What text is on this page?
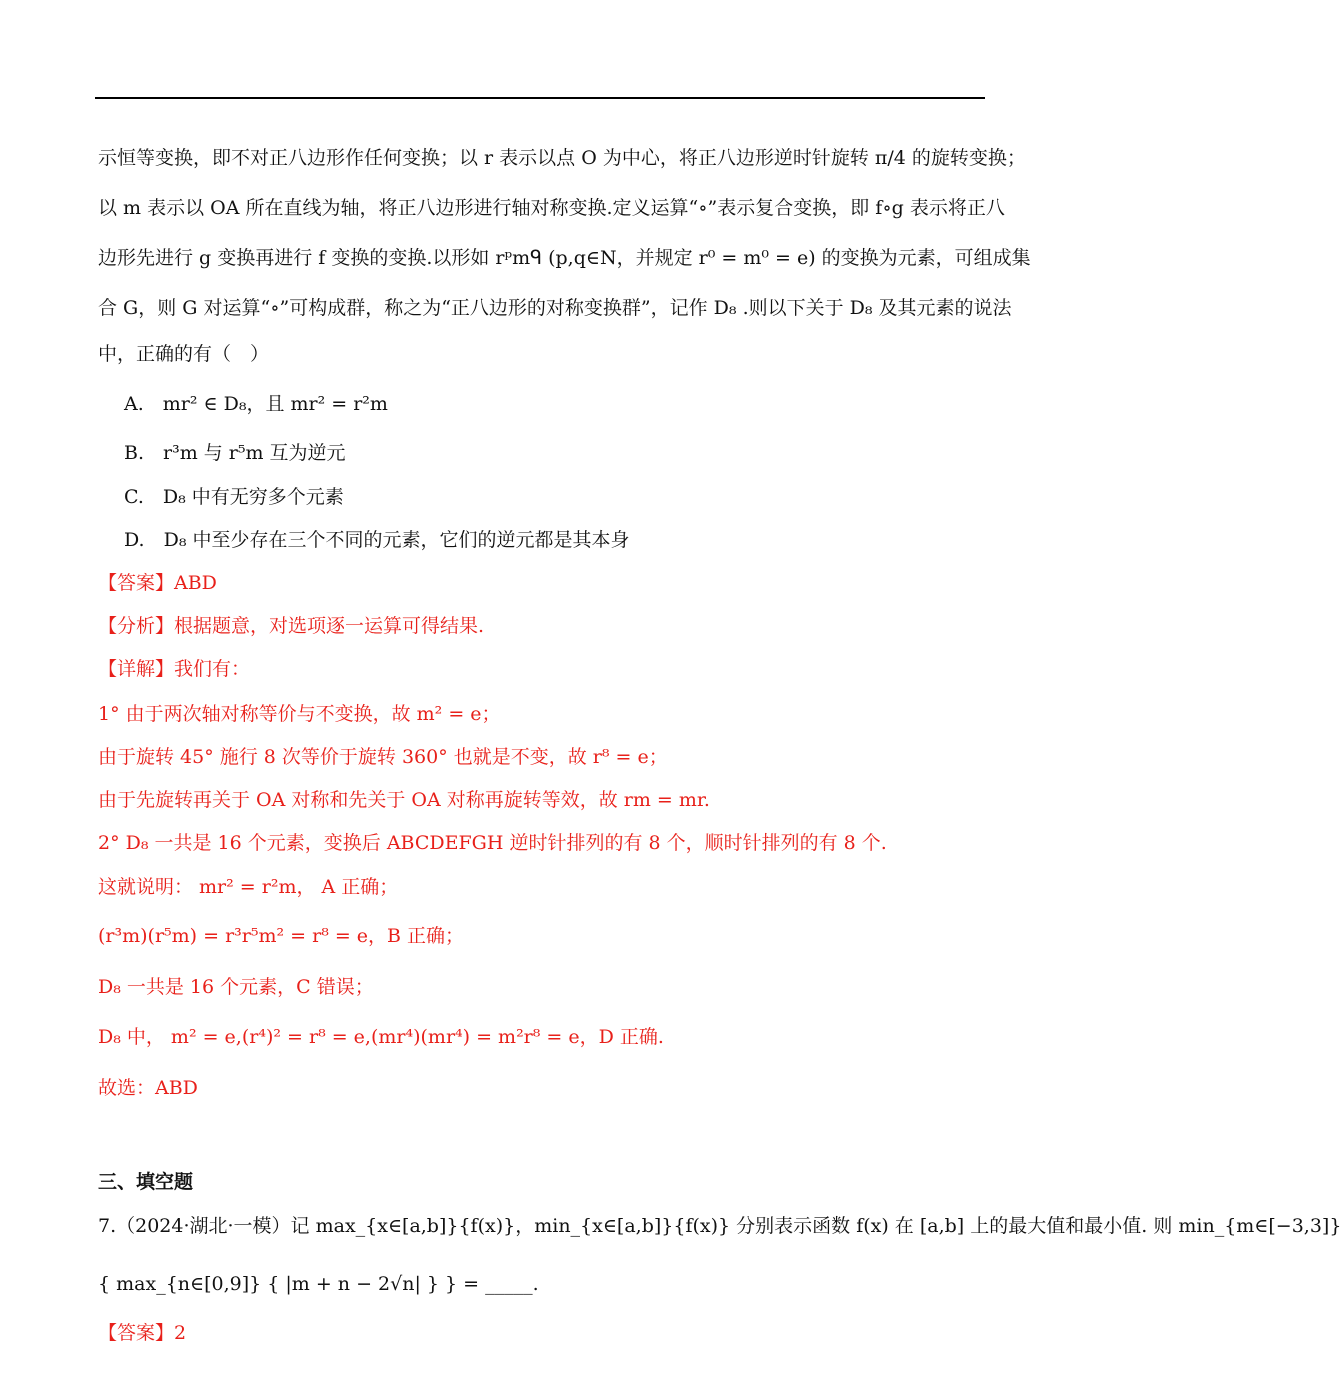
示恒等变换，即不对正八边形作任何变换；以 r 表示以点 O 为中心，将正八边形逆时针旋转 π/4 的旋转变换；
以 m 表示以 OA 所在直线为轴，将正八边形进行轴对称变换.定义运算“∘”表示复合变换，即 f∘g 表示将正八
边形先进行 g 变换再进行 f 变换的变换.以形如 rᵖmᑫ (p,q∈N，并规定 r⁰ = m⁰ = e) 的变换为元素，可组成集
合 G，则 G 对运算“∘”可构成群，称之为“正八边形的对称变换群”，记作 D₈ .则以下关于 D₈ 及其元素的说法
中，正确的有（　）
A.　mr² ∈ D₈，且 mr² = r²m
B.　r³m 与 r⁵m 互为逆元
C.　D₈ 中有无穷多个元素
D.　D₈ 中至少存在三个不同的元素，它们的逆元都是其本身
【答案】ABD
【分析】根据题意，对选项逐一运算可得结果.
【详解】我们有：
1° 由于两次轴对称等价与不变换，故 m² = e；
由于旋转 45° 施行 8 次等价于旋转 360° 也就是不变，故 r⁸ = e；
由于先旋转再关于 OA 对称和先关于 OA 对称再旋转等效，故 rm = mr.
2° D₈ 一共是 16 个元素，变换后 ABCDEFGH 逆时针排列的有 8 个，顺时针排列的有 8 个.
这就说明： mr² = r²m， A 正确；
(r³m)(r⁵m) = r³r⁵m² = r⁸ = e，B 正确；
D₈ 一共是 16 个元素，C 错误；
D₈ 中， m² = e,(r⁴)² = r⁸ = e,(mr⁴)(mr⁴) = m²r⁸ = e，D 正确.
故选：ABD
三、填空题
7.（2024·湖北·一模）记 max_{x∈[a,b]}{f(x)}，min_{x∈[a,b]}{f(x)} 分别表示函数 f(x) 在 [a,b] 上的最大值和最小值. 则 min_{m∈[−3,3]}
{ max_{n∈[0,9]} { |m + n − 2√n| } } = _____.
【答案】2
